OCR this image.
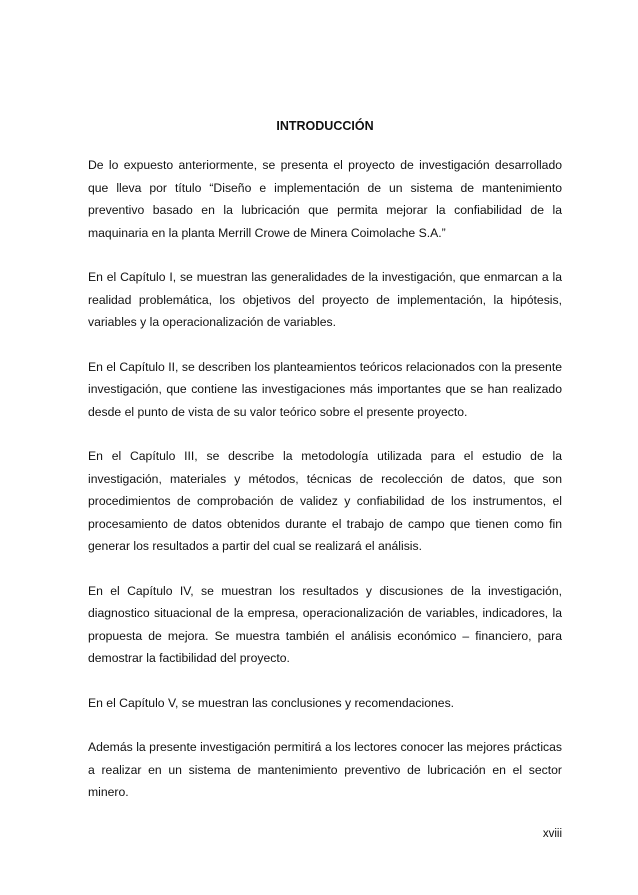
INTRODUCCIÓN

De lo expuesto anteriormente, se presenta el proyecto de investigación desarrollado que lleva por título “Diseño e implementación de un sistema de mantenimiento preventivo basado en la lubricación que permita mejorar la confiabilidad de la maquinaria en la planta Merrill Crowe de Minera Coimolache S.A.”

En el Capítulo I, se muestran las generalidades de la investigación, que enmarcan a la realidad problemática, los objetivos del proyecto de implementación, la hipótesis, variables y la operacionalización de variables.

En el Capítulo II, se describen los planteamientos teóricos relacionados con la presente investigación, que contiene las investigaciones más importantes que se han realizado desde el punto de vista de su valor teórico sobre el presente proyecto.

En el Capítulo III, se describe la metodología utilizada para el estudio de la investigación, materiales y métodos, técnicas de recolección de datos, que son procedimientos de comprobación de validez y confiabilidad de los instrumentos, el procesamiento de datos obtenidos durante el trabajo de campo que tienen como fin generar los resultados a partir del cual se realizará el análisis.

En el Capítulo IV, se muestran los resultados y discusiones de la investigación, diagnostico situacional de la empresa, operacionalización de variables, indicadores, la propuesta de mejora. Se muestra también el análisis económico – financiero, para demostrar la factibilidad del proyecto.

En el Capítulo V, se muestran las conclusiones y recomendaciones.

Además la presente investigación permitirá a los lectores conocer las mejores prácticas a realizar en un sistema de mantenimiento preventivo de lubricación en el sector minero.

xviii
